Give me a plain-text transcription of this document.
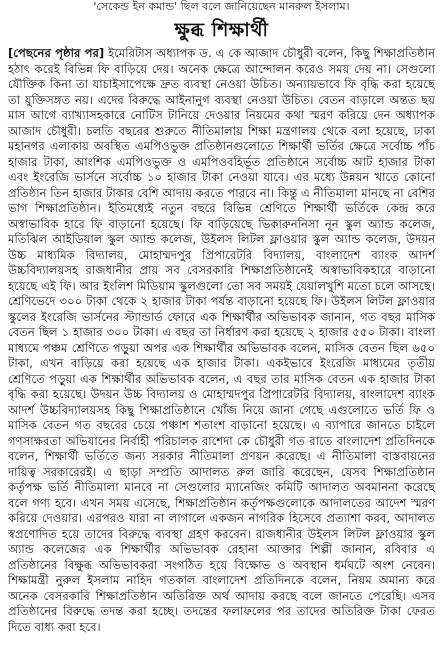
'সেকেন্ড ইন কমান্ড' ছিল বলে জানিয়েছেন মানরুল ইসলাম।
ক্ষুব্ধ শিক্ষার্থী

[পেছনের পৃষ্ঠার পর] ইমেরিটাস অধ্যাপক ড. এ কে আজাদ চৌধুরী বলেন, কিছু শিক্ষাপ্রতিষ্ঠান হঠাৎ করেই বিভিন্ন ফি বাড়িয়ে দেয়। অনেক ক্ষেত্রে আন্দোলন করেও সময় দেয় না। সেগুলো যৌক্তিক কিনা তা যাচাইসাপেক্ষে দ্রুত ব্যবস্থা নেওয়া উচিত। অন্যায়ভাবে ফি বৃদ্ধি করা হয়েছে তা যুক্তিসঙ্গত নয়। এদের বিরুদ্ধে আইনানুগ ব্যবস্থা নেওয়া উচিত। বেতন বাড়ালে অন্তত ছয় মাস আগে ব্যাখ্যাসহকারে নোটিস টানিয়ে দেওয়ার নিয়মের কথা স্মরণ করিয়ে দেন অধ্যাপক আজাদ চৌধুরী। চলতি বছরের শুরুতে নীতিমালায় শিক্ষা মন্ত্রণালয় থেকে বলা হয়েছে, ঢাকা মহানগর এলাকায় অবস্থিত এমপিওভুক্ত প্রতিষ্ঠানগুলোতে শিক্ষার্থী ভর্তির ক্ষেত্রে সর্বোচ্চ পাঁচ হাজার টাকা, আংশিক এমপিওভুক্ত ও এমপিওবহির্ভূত প্রতিষ্ঠানে সর্বোচ্চ আট হাজার টাকা এবং ইংরেজি ভার্সনে সর্বোচ্চ ১০ হাজার টাকা নেওয়া যাবে। এর মধ্যে উন্নয়ন খাতে কোনো প্রতিষ্ঠান তিন হাজার টাকার বেশি আদায় করতে পারবে না। কিন্তু এ নীতিমালা মানছে না বেশির ভাগ শিক্ষাপ্রতিষ্ঠান। ইতিমধ্যেই নতুন বছরে বিভিন্ন শ্রেণিতে শিক্ষার্থী ভর্তিকে কেন্দ্র করে অস্বাভাবিক হারে ফি বাড়ানো হয়েছে। ফি বাড়িয়েছে ভিকারুননিসা নূন স্কুল অ্যান্ড কলেজ, মতিঝিল আইডিয়াল স্কুল অ্যান্ড কলেজ, উইলস লিটল ফ্লাওয়ার স্কুল অ্যান্ড কলেজ, উদয়ন উচ্চ মাধ্যমিক বিদ্যালয়, মোহাম্মদপুর প্রিপারেটরি বিদ্যালয়, বাংলাদেশ ব্যাংক আদর্শ উচ্চবিদ্যালয়সহ রাজধানীর প্রায় সব বেসরকারি শিক্ষাপ্রতিষ্ঠানেই অস্বাভাবিকহারে বাড়ানো হয়েছে এই ফি। আর ইংলিশ মিডিয়াম স্কুলগুলো তো সব সময়ই যেয়ালখুশি মতো চলে আসছে। শ্রেণিভেদে ৩০০ টাকা থেকে ২ হাজার টাকা পর্যন্ত বাড়ানো হয়েছে ফি। উইলস লিটল ফ্লাওয়ার স্কুলের ইংরেজি ভার্সনের স্ট্যান্ডার্ড ফোরে এক শিক্ষার্থীর অভিভাবক জানান, গত বছর মাসিক বেতন ছিল ১ হাজার ৩০০ টাকা। এ বছর তা নির্ধারণ করা হয়েছে ২ হাজার ৫৫০ টাকা। বাংলা মাধ্যমে পঞ্চম শ্রেণিতে পড়ুয়া অপর এক শিক্ষার্থীর অভিভাবক বলেন, মাসিক বেতন ছিল ৬৫০ টাকা, এখন বাড়িয়ে করা হয়েছে এক হাজার টাকা। একইভাবে ইংরেজি মাধ্যমের তৃতীয় শ্রেণিতে পড়ুয়া এক শিক্ষার্থীর অভিভাবক বলেন, এ বছর তার মাসিক বেতন এক হাজার টাকা বৃদ্ধি করা হয়েছে। উদয়ন উচ্চ বিদ্যালয় ও মোহাম্মদপুর প্রিপারেটরি বিদ্যালয়, বাংলাদেশ ব্যাংক আদর্শ উচ্চবিদ্যালয়সহ কিছু শিক্ষাপ্রতিষ্ঠানে খোঁজ নিয়ে জানা গেছে এগুলোতে ভর্তি ফি ও মাসিক বেতন গত বছরের চেয়ে পঞ্চাশ শতাংশ বাড়ানো হয়েছে। এ ব্যাপারে জানতে চাইলে গণসাক্ষরতা অভিযানের নির্বাহী পরিচালক রাশেদা কে চৌধুরী গত রাতে বাংলাদেশ প্রতিদিনকে বলেন, শিক্ষার্থী ভর্তিতে জন্য সরকার নীতিমালা প্রণয়ন করেছে। এ নীতিমালা বাস্তবায়নের দায়িত্ব সরকারেরই। এ ছাড়া সম্প্রতি আদালত রুল জারি করেছেন, যেসব শিক্ষাপ্রতিষ্ঠান কর্তৃপক্ষ ভর্তি নীতিমালা মানবে না সেগুলোর ম্যানেজিং কমিটি আদালত অবমাননা করেছে বলে গণ্য হবে। এখন সময় এসেছে, শিক্ষাপ্রতিষ্ঠান কর্তৃপক্ষগুলোকে আদালতের আদেশ স্মরণ করিয়ে দেওয়ার। এরপরও যারা না লাগালে একজন নাগরিক হিসেবে প্রত্যাশা করব, আদালত স্বপ্রণোদিত হয়ে তাদের বিরুদ্ধে ব্যবস্থা গ্রহণ করবেন। রাজধানীর উইলস লিটল ফ্লাওয়ার স্কুল অ্যান্ড কলেজের এক শিক্ষার্থীর অভিভাবক রেহানা আক্তার শিল্পী জানান, রবিবার এ প্রতিষ্ঠানের বিক্ষুব্ধ অভিভাবকরা সংগঠিত হয়ে বিক্ষোভ ও অবস্থান ধর্মঘটে অংশ নেবেন। শিক্ষামন্ত্রী নুরুল ইসলাম নাহিদ গতকাল বাংলাদেশ প্রতিদিনকে বলেন, নিয়ম অমান্য করে অনেক বেসরকারি শিক্ষাপ্রতিষ্ঠান অতিরিক্ত অর্থ আদায় করছে বলে জানতে পেরেছি। এসব প্রতিষ্ঠানের বিরুদ্ধে তদন্ত করা হচ্ছে। তদন্তের ফলাফলের পর তাদের অতিরিক্ত টাকা ফেরত দিতে বাধ্য করা হবে।
